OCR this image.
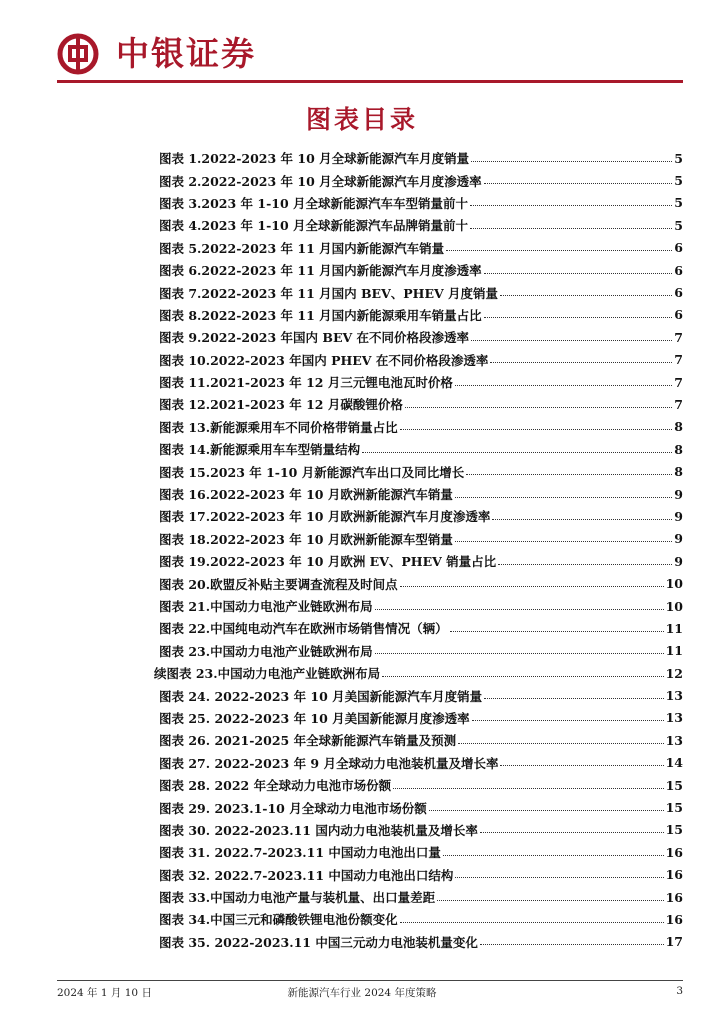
中银证券
图表目录
图表 1.2022-2023 年 10 月全球新能源汽车月度销量	5
图表 2.2022-2023 年 10 月全球新能源汽车月度渗透率	5
图表 3.2023 年 1-10 月全球新能源汽车车型销量前十	5
图表 4.2023 年 1-10 月全球新能源汽车品牌销量前十	5
图表 5.2022-2023 年 11 月国内新能源汽车销量	6
图表 6.2022-2023 年 11 月国内新能源汽车月度渗透率	6
图表 7.2022-2023 年 11 月国内 BEV、PHEV 月度销量	6
图表 8.2022-2023 年 11 月国内新能源乘用车销量占比	6
图表 9.2022-2023 年国内 BEV 在不同价格段渗透率	7
图表 10.2022-2023 年国内 PHEV 在不同价格段渗透率	7
图表 11.2021-2023 年 12 月三元锂电池瓦时价格	7
图表 12.2021-2023 年 12 月碳酸锂价格	7
图表 13.新能源乘用车不同价格带销量占比	8
图表 14.新能源乘用车车型销量结构	8
图表 15.2023 年 1-10 月新能源汽车出口及同比增长	8
图表 16.2022-2023 年 10 月欧洲新能源汽车销量	9
图表 17.2022-2023 年 10 月欧洲新能源汽车月度渗透率	9
图表 18.2022-2023 年 10 月欧洲新能源车型销量	9
图表 19.2022-2023 年 10 月欧洲 EV、PHEV 销量占比	9
图表 20.欧盟反补贴主要调查流程及时间点	10
图表 21.中国动力电池产业链欧洲布局	10
图表 22.中国纯电动汽车在欧洲市场销售情况（辆）	11
图表 23.中国动力电池产业链欧洲布局	11
续图表 23.中国动力电池产业链欧洲布局	12
图表 24. 2022-2023 年 10 月美国新能源汽车月度销量	13
图表 25. 2022-2023 年 10 月美国新能源月度渗透率	13
图表 26. 2021-2025 年全球新能源汽车销量及预测	13
图表 27. 2022-2023 年 9 月全球动力电池装机量及增长率	14
图表 28. 2022 年全球动力电池市场份额	15
图表 29. 2023.1-10 月全球动力电池市场份额	15
图表 30. 2022-2023.11 国内动力电池装机量及增长率	15
图表 31. 2022.7-2023.11 中国动力电池出口量	16
图表 32. 2022.7-2023.11 中国动力电池出口结构	16
图表 33.中国动力电池产量与装机量、出口量差距	16
图表 34.中国三元和磷酸铁锂电池份额变化	16
图表 35. 2022-2023.11 中国三元动力电池装机量变化	17
2024 年 1 月 10 日	新能源汽车行业 2024 年度策略	3
